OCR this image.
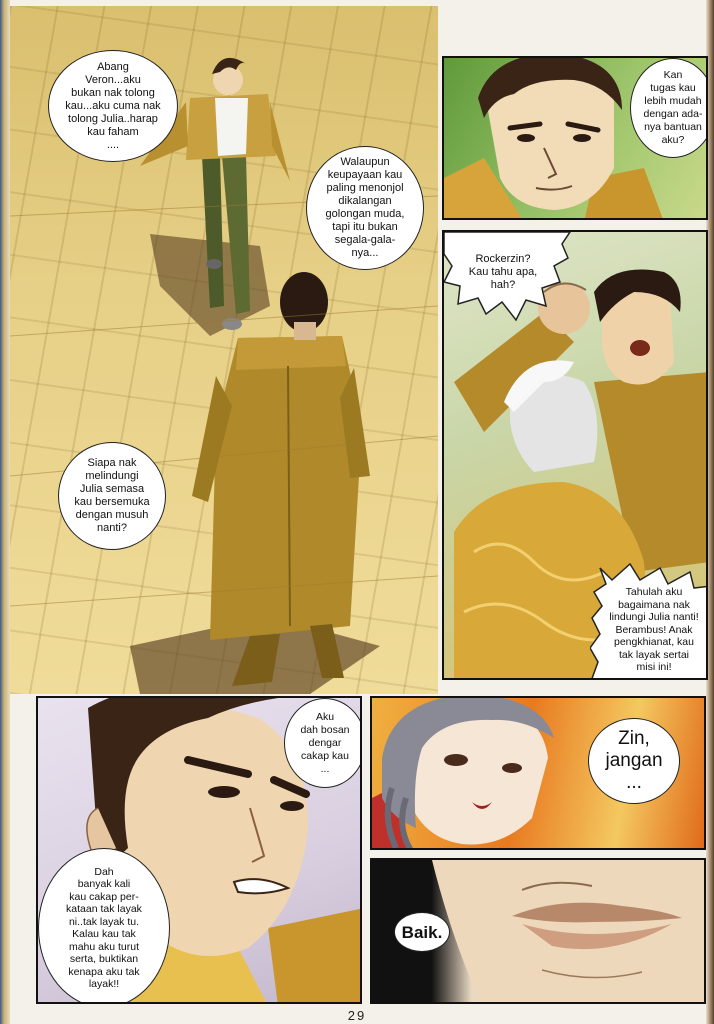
Abang
Veron...aku
bukan nak tolong
kau...aku cuma nak
tolong Julia..harap
kau faham
....
Walaupun
keupayaan kau
paling menonjol
dikalangan
golongan muda,
tapi itu bukan
segala-gala-
nya...
Siapa nak
melindungi
Julia semasa
kau bersemuka
dengan musuh
nanti?
Kan
tugas kau
lebih mudah
dengan ada-
nya bantuan
aku?
Rockerzin?
Kau tahu apa,
hah?
Tahulah aku
bagaimana nak
lindungi Julia nanti!
Berambus! Anak
pengkhianat, kau
tak layak sertai
misi ini!
Aku
dah bosan
dengar
cakap kau
...
Dah
banyak kali
kau cakap per-
kataan tak layak
ni..tak layak tu.
Kalau kau tak
mahu aku turut
serta, buktikan
kenapa aku tak
layak!!
Zin,
jangan
...
Baik.
29
